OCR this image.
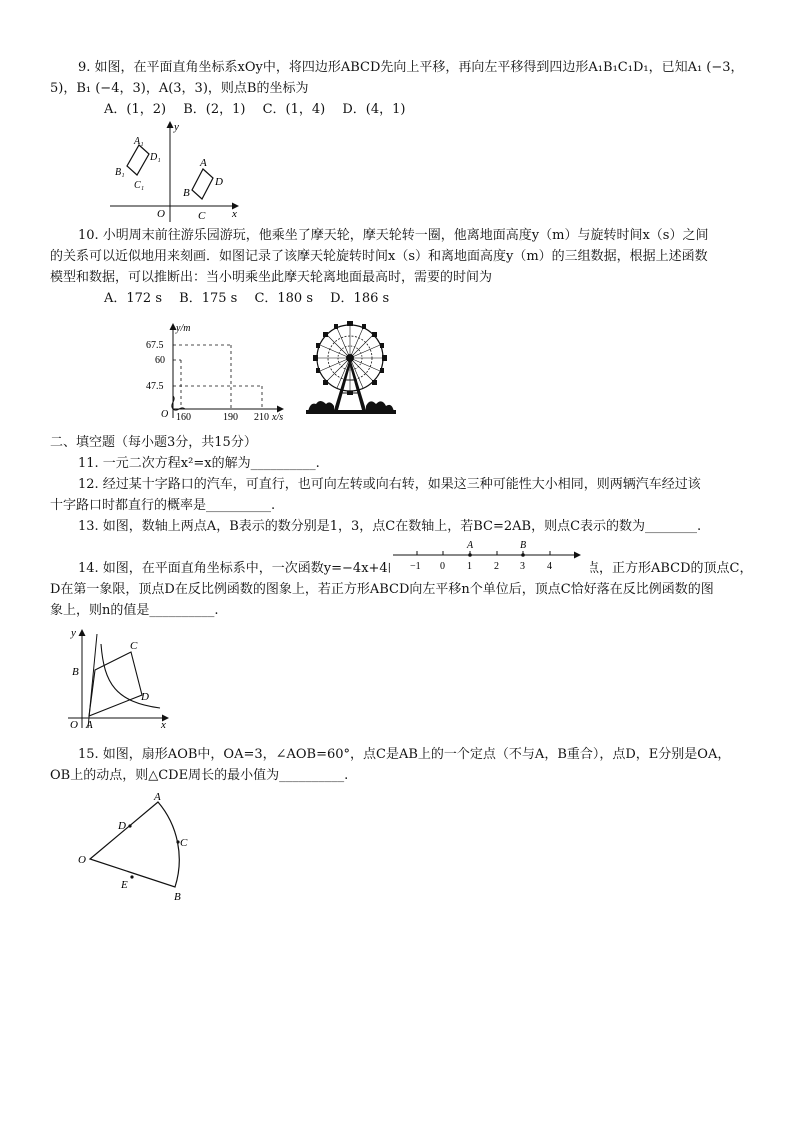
9. 如图，在平面直角坐标系xOy中，将四边形ABCD先向上平移，再向左平移得到四边形A₁B₁C₁D₁，已知A₁ (−3，
5)，B₁ (−4，3)，A(3，3)，则点B的坐标为
A．(1，2)　 B．(2，1)　 C．(1，4)　 D．(4，1)
y
x
O
A₁
D₁
B₁
C₁
A
D
B
C
10. 小明周末前往游乐园游玩，他乘坐了摩天轮，摩天轮转一圈，他离地面高度y（m）与旋转时间x（s）之间
的关系可以近似地用来刻画．如图记录了该摩天轮旋转时间x（s）和离地面高度y（m）的三组数据，根据上述函数
模型和数据，可以推断出：当小明乘坐此摩天轮离地面最高时，需要的时间为
A．172 s　 B．175 s　 C．180 s　 D．186 s
y/m
x/s
O
67.5
60
47.5
160	190 210
二、填空题（每小题3分，共15分）
11. 一元二次方程x²=x的解为__________.
12. 经过某十字路口的汽车，可直行，也可向左转或向右转，如果这三种可能性大小相同，则两辆汽车经过该
十字路口时都直行的概率是__________.
13. 如图，数轴上两点A，B表示的数分别是1，3，点C在数轴上，若BC=2AB，则点C表示的数为________.
14. 如图，在平面直角坐标系中，一次函数y=−4x+4的	点，正方形ABCD的顶点C，
D在第一象限，顶点D在反比例函数的图象上，若正方形ABCD向左平移n个单位后，顶点C恰好落在反比例函数的图
象上，则n的值是__________.
A	B
−1 0 1 2 3 4
y
x
O A
B
C
D
15. 如图，扇形AOB中，OA=3，∠AOB=60°，点C是AB上的一个定点（不与A，B重合），点D，E分别是OA，
OB上的动点，则△CDE周长的最小值为__________.
O
A
B
C
D
E
